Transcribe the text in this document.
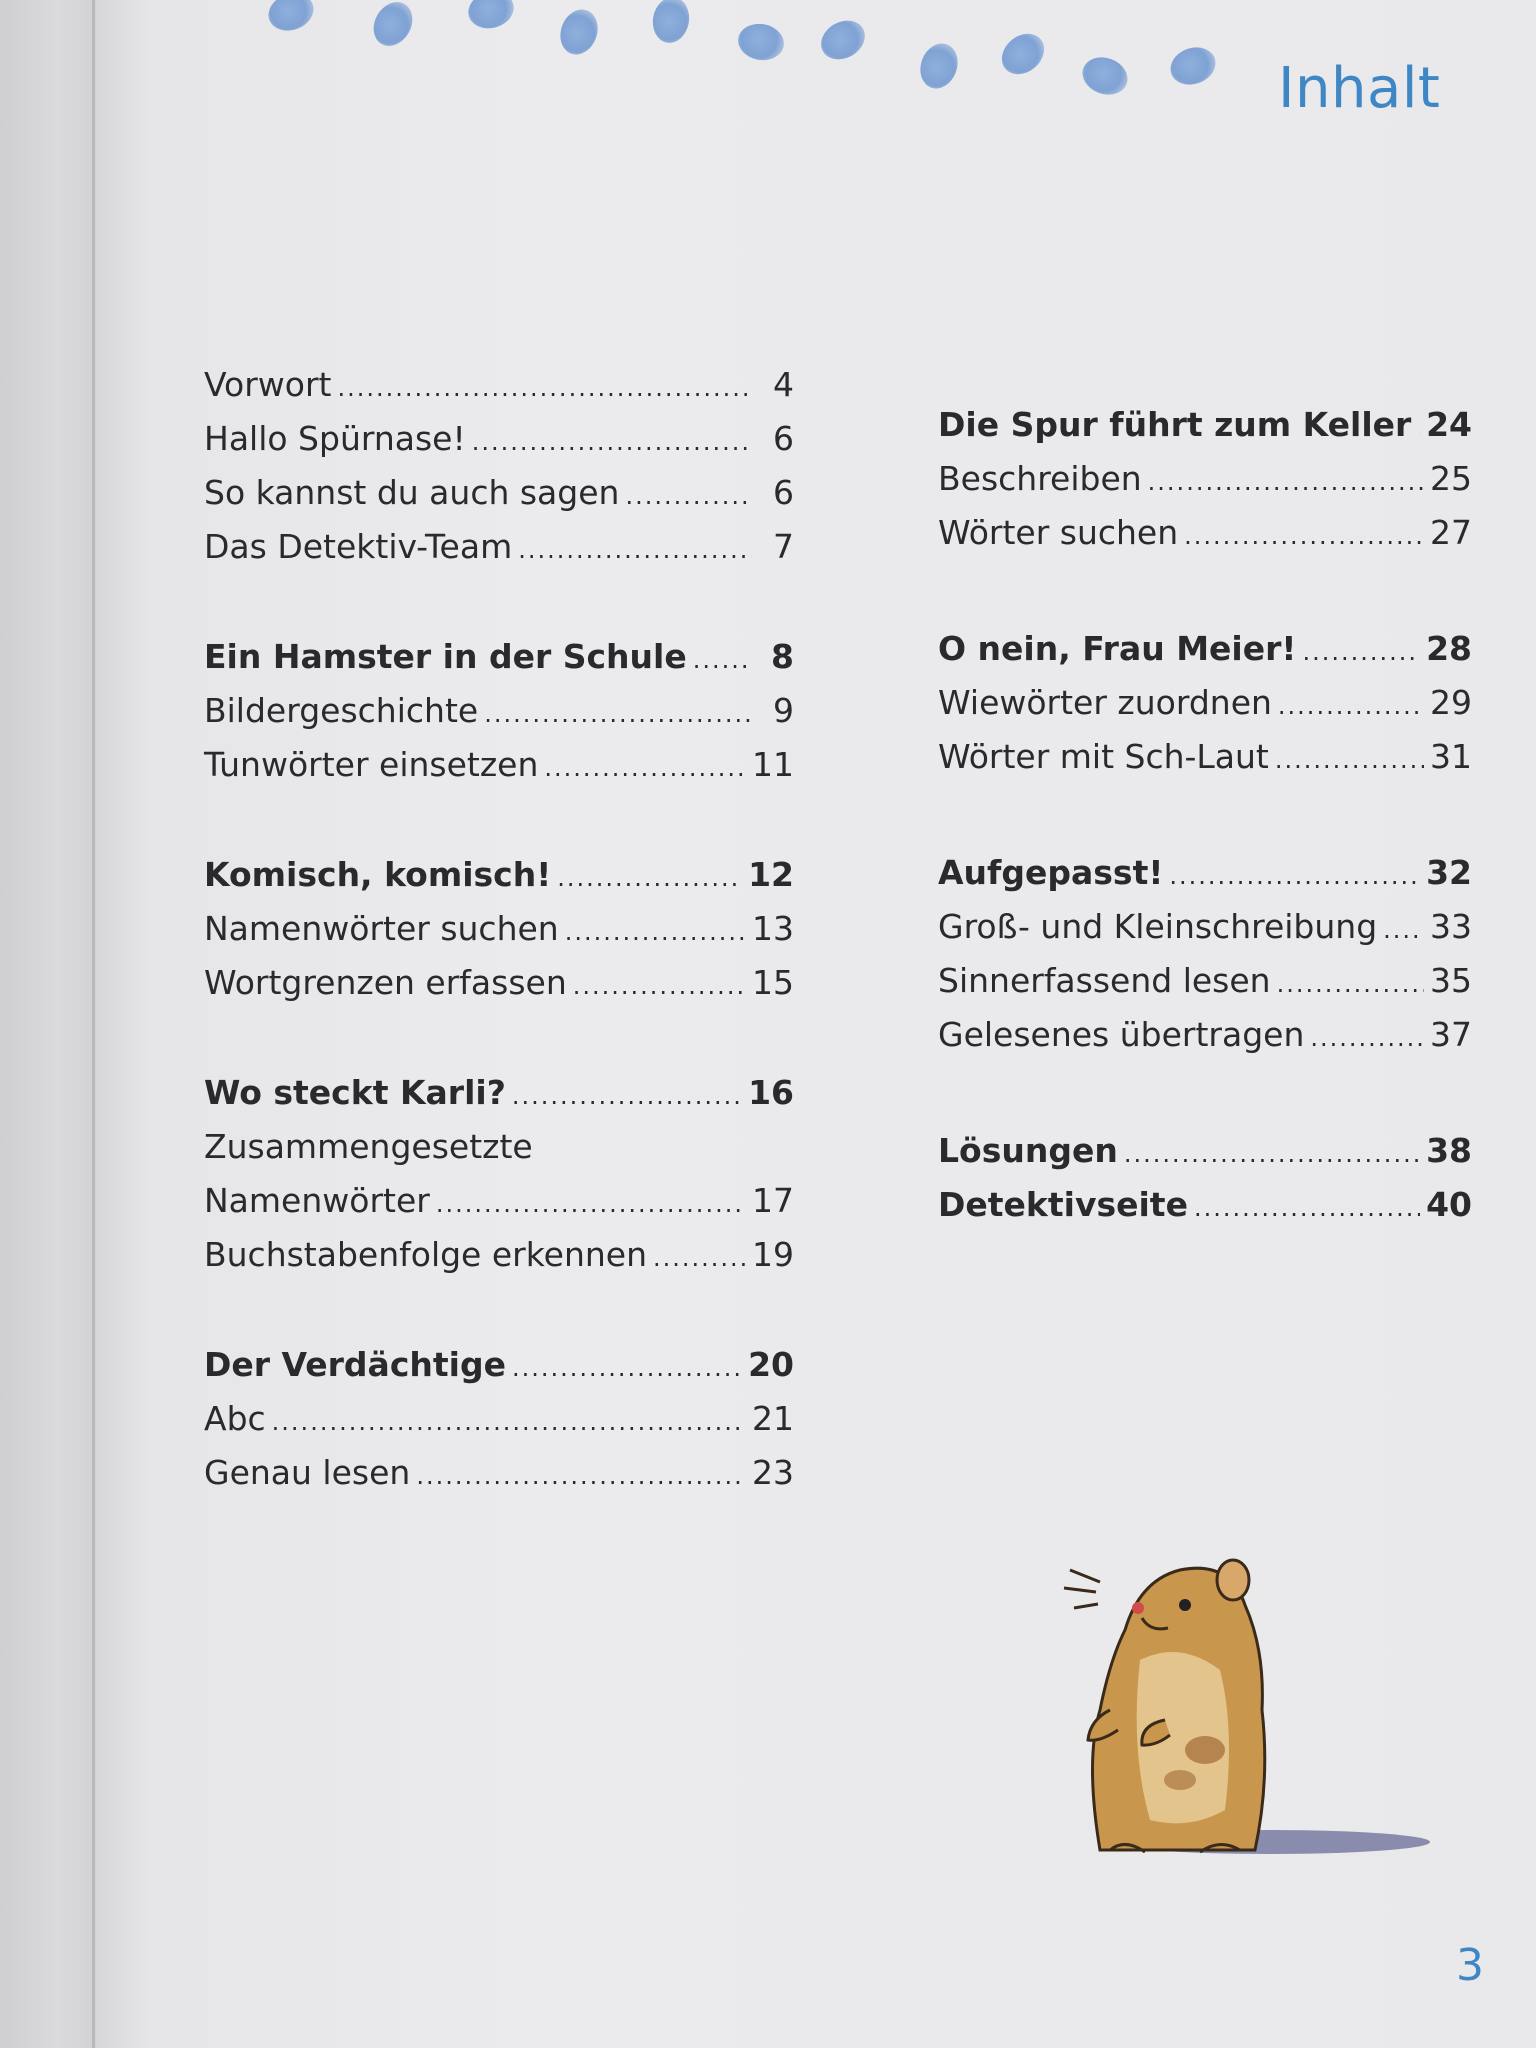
Inhalt
Vorwort .....	4
Hallo Spürnase! .....	6
So kannst du auch sagen .....	6
Das Detektiv-Team .....	7
Ein Hamster in der Schule .....	8
Bildergeschichte .....	9
Tunwörter einsetzen .....	11
Komisch, komisch! .....	12
Namenwörter suchen .....	13
Wortgrenzen erfassen .....	15
Wo steckt Karli? .....	16
Zusammengesetzte
Namenwörter .....	17
Buchstabenfolge erkennen .....	19
Der Verdächtige .....	20
Abc .....	21
Genau lesen .....	23
Die Spur führt zum Keller ..... 24
Beschreiben .....	25
Wörter suchen .....	27
O nein, Frau Meier! .....	28
Wiewörter zuordnen .....	29
Wörter mit Sch-Laut .....	31
Aufgepasst! .....	32
Groß- und Kleinschreibung ..... 33
Sinnerfassend lesen .....	35
Gelesenes übertragen .....	37
Lösungen .....	38
Detektivseite .....	40
3
